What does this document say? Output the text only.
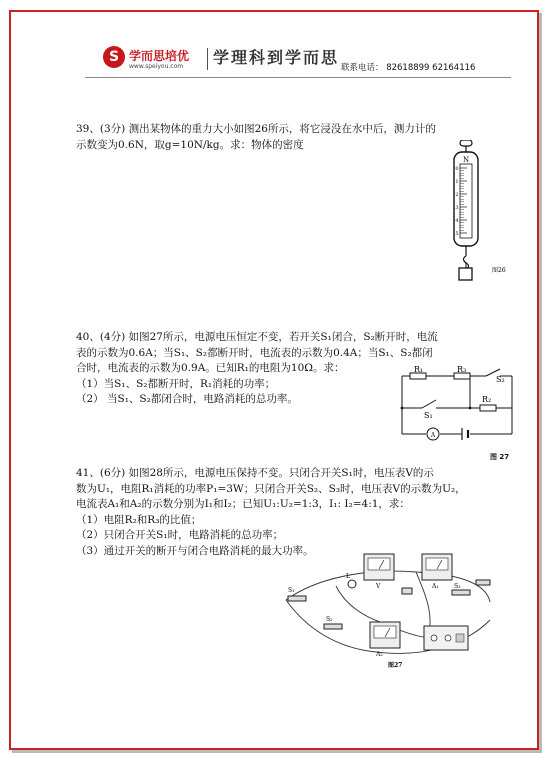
S 学而思培优
www.speiyou.com 学理科到学而思
联系电话： 82618899 62164116

39、(3分) 测出某物体的重力大小如图26所示，将它浸没在水中后，测力计的

示数变为0.6N，取g=10N/kg。求：物体的密度

N
0
1
2
3
4
5
图26

40、(4分) 如图27所示，电源电压恒定不变，若开关S₁闭合，S₂断开时，电流

表的示数为0.6A；当S₁、S₂都断开时，电流表的示数为0.4A；当S₁、S₂都闭

合时，电流表的示数为0.9A。已知R₁的电阻为10Ω。求：

（1）当S₁、S₂都断开时，R₁消耗的功率；

（2） 当S₁、S₂都闭合时，电路消耗的总功率。

R₁	R₃
S₂
S₁
R₂
A
图 27

41、(6分) 如图28所示，电源电压保持不变。只闭合开关S₁时，电压表V的示

数为U₁，电阻R₁消耗的功率P₁=3W；只闭合开关S₂、S₃时，电压表V的示数为U₂，

电流表A₁和A₂的示数分别为I₁和I₂；已知U₁:U₂=1:3，I₁: I₂=4:1，求：

（1）电阻R₂和R₃的比值；

（2）只闭合开关S₁时，电路消耗的总功率；

（3）通过开关的断开与闭合电路消耗的最大功率。

S₁
S₂
S₃
L
V	A₁
A₂
图27
